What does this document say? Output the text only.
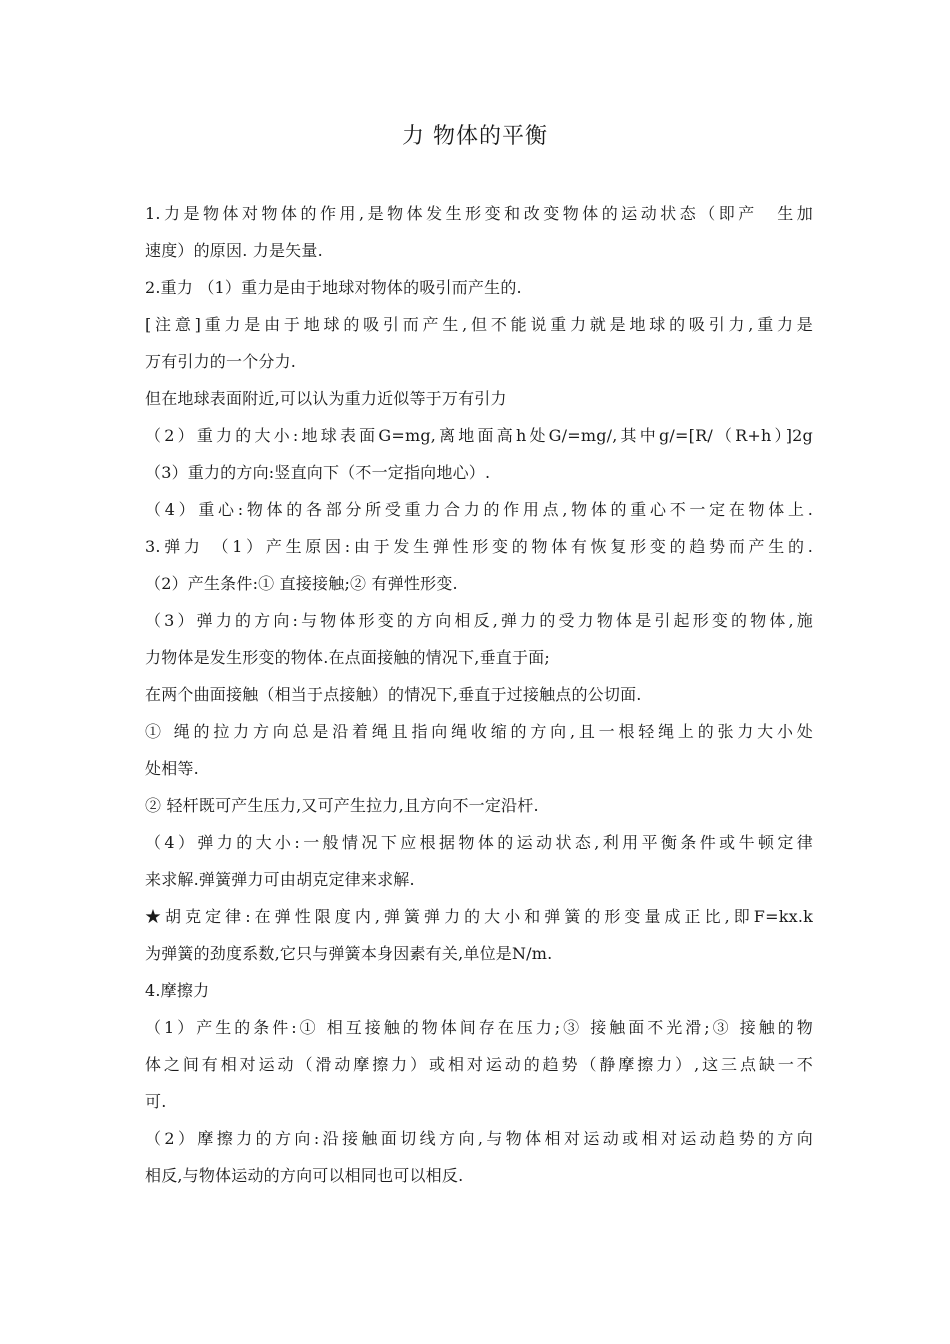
力 物体的平衡
1.力是物体对物体的作用,是物体发生形变和改变物体的运动状态（即产　生加
速度）的原因. 力是矢量.
2.重力 （1）重力是由于地球对物体的吸引而产生的.
[注意]重力是由于地球的吸引而产生,但不能说重力就是地球的吸引力,重力是
万有引力的一个分力.
但在地球表面附近,可以认为重力近似等于万有引力
（2）重力的大小:地球表面G=mg,离地面高h处G/=mg/,其中g/=[R/（R+h）]2g
（3）重力的方向:竖直向下（不一定指向地心）.
（4）重心:物体的各部分所受重力合力的作用点,物体的重心不一定在物体上.
3.弹力 （1）产生原因:由于发生弹性形变的物体有恢复形变的趋势而产生的.
（2）产生条件:① 直接接触;② 有弹性形变.
（3）弹力的方向:与物体形变的方向相反,弹力的受力物体是引起形变的物体,施
力物体是发生形变的物体.在点面接触的情况下,垂直于面;
在两个曲面接触（相当于点接触）的情况下,垂直于过接触点的公切面.
① 绳的拉力方向总是沿着绳且指向绳收缩的方向,且一根轻绳上的张力大小处
处相等.
② 轻杆既可产生压力,又可产生拉力,且方向不一定沿杆.
（4）弹力的大小:一般情况下应根据物体的运动状态,利用平衡条件或牛顿定律
来求解.弹簧弹力可由胡克定律来求解.
★胡克定律:在弹性限度内,弹簧弹力的大小和弹簧的形变量成正比,即F=kx.k
为弹簧的劲度系数,它只与弹簧本身因素有关,单位是N/m.
4.摩擦力
（1）产生的条件:① 相互接触的物体间存在压力;③ 接触面不光滑;③ 接触的物
体之间有相对运动（滑动摩擦力）或相对运动的趋势（静摩擦力）,这三点缺一不
可.
（2）摩擦力的方向:沿接触面切线方向,与物体相对运动或相对运动趋势的方向
相反,与物体运动的方向可以相同也可以相反.
